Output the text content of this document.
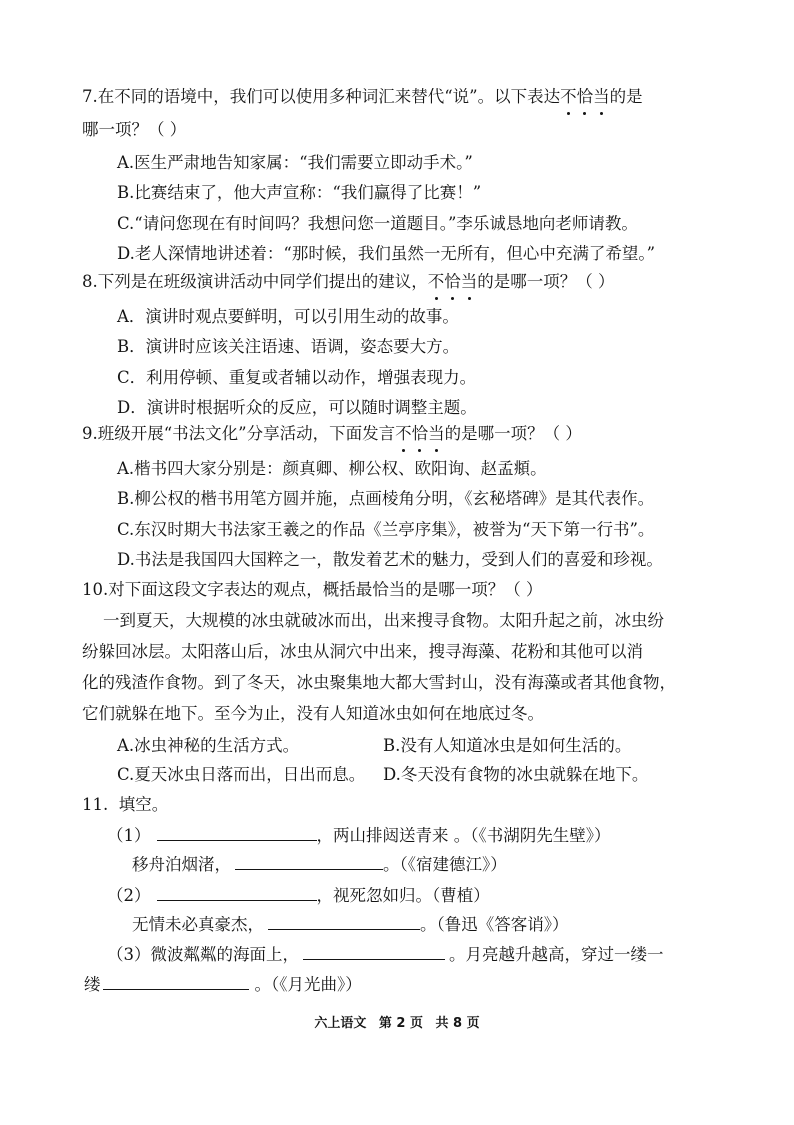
7.在不同的语境中，我们可以使用多种词汇来替代“说”。以下表达不恰当的是
哪一项？（ ）
A.医生严肃地告知家属：“我们需要立即动手术。”
B.比赛结束了，他大声宣称：“我们赢得了比赛！”
C.“请问您现在有时间吗？我想问您一道题目。”李乐诚恳地向老师请教。
D.老人深情地讲述着：“那时候，我们虽然一无所有，但心中充满了希望。”
8.下列是在班级演讲活动中同学们提出的建议，不恰当的是哪一项？（ ）
A．演讲时观点要鲜明，可以引用生动的故事。
B．演讲时应该关注语速、语调，姿态要大方。
C．利用停顿、重复或者辅以动作，增强表现力。
D．演讲时根据听众的反应，可以随时调整主题。
9.班级开展“书法文化”分享活动，下面发言不恰当的是哪一项？（ ）
A.楷书四大家分别是：颜真卿、柳公权、欧阳询、赵孟頫。
B.柳公权的楷书用笔方圆并施，点画棱角分明，《玄秘塔碑》是其代表作。
C.东汉时期大书法家王羲之的作品《兰亭序集》，被誉为“天下第一行书”。
D.书法是我国四大国粹之一，散发着艺术的魅力，受到人们的喜爱和珍视。
10.对下面这段文字表达的观点，概括最恰当的是哪一项？（ ）
一到夏天，大规模的冰虫就破冰而出，出来搜寻食物。太阳升起之前，冰虫纷
纷躲回冰层。太阳落山后，冰虫从洞穴中出来，搜寻海藻、花粉和其他可以消
化的残渣作食物。到了冬天，冰虫聚集地大都大雪封山，没有海藻或者其他食物，
它们就躲在地下。至今为止，没有人知道冰虫如何在地底过冬。
A.冰虫神秘的生活方式。	B.没有人知道冰虫是如何生活的。
C.夏天冰虫日落而出，日出而息。 D.冬天没有食物的冰虫就躲在地下。
11.  填空。
（1）	，两山排闼送青来 。（《书湖阴先生壁》）
移舟泊烟渚，	。（《宿建德江》）
（2）	，视死忽如归。（曹植）
无情未必真豪杰，	。（鲁迅《答客诮》）
（3）微波粼粼的海面上，	。月亮越升越高，穿过一缕一
缕	。（《月光曲》）
六上语文 第 2 页 共 8 页
